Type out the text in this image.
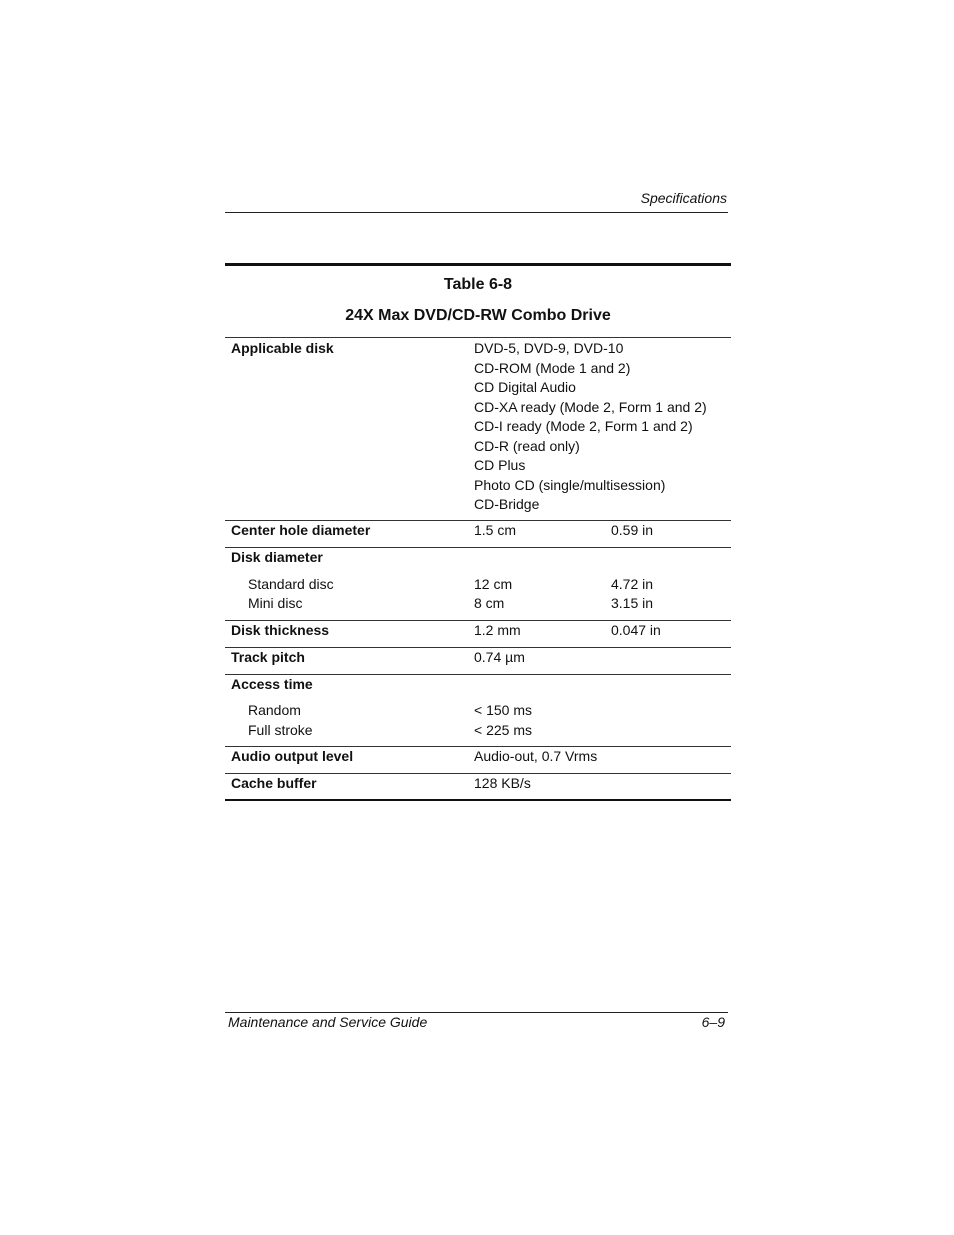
Specifications
Table 6-8
24X Max DVD/CD-RW Combo Drive
Applicable disk	DVD-5, DVD-9, DVD-10
CD-ROM (Mode 1 and 2)
CD Digital Audio
CD-XA ready (Mode 2, Form 1 and 2)
CD-I ready (Mode 2, Form 1 and 2)
CD-R (read only)
CD Plus
Photo CD (single/multisession)
CD-Bridge
Center hole diameter	1.5 cm	0.59 in
Disk diameter
Standard disc	12 cm	4.72 in
Mini disc	8 cm	3.15 in
Disk thickness	1.2 mm	0.047 in
Track pitch	0.74 µm
Access time
Random	< 150 ms
Full stroke	< 225 ms
Audio output level	Audio-out, 0.7 Vrms
Cache buffer	128 KB/s
Maintenance and Service Guide	6–9
